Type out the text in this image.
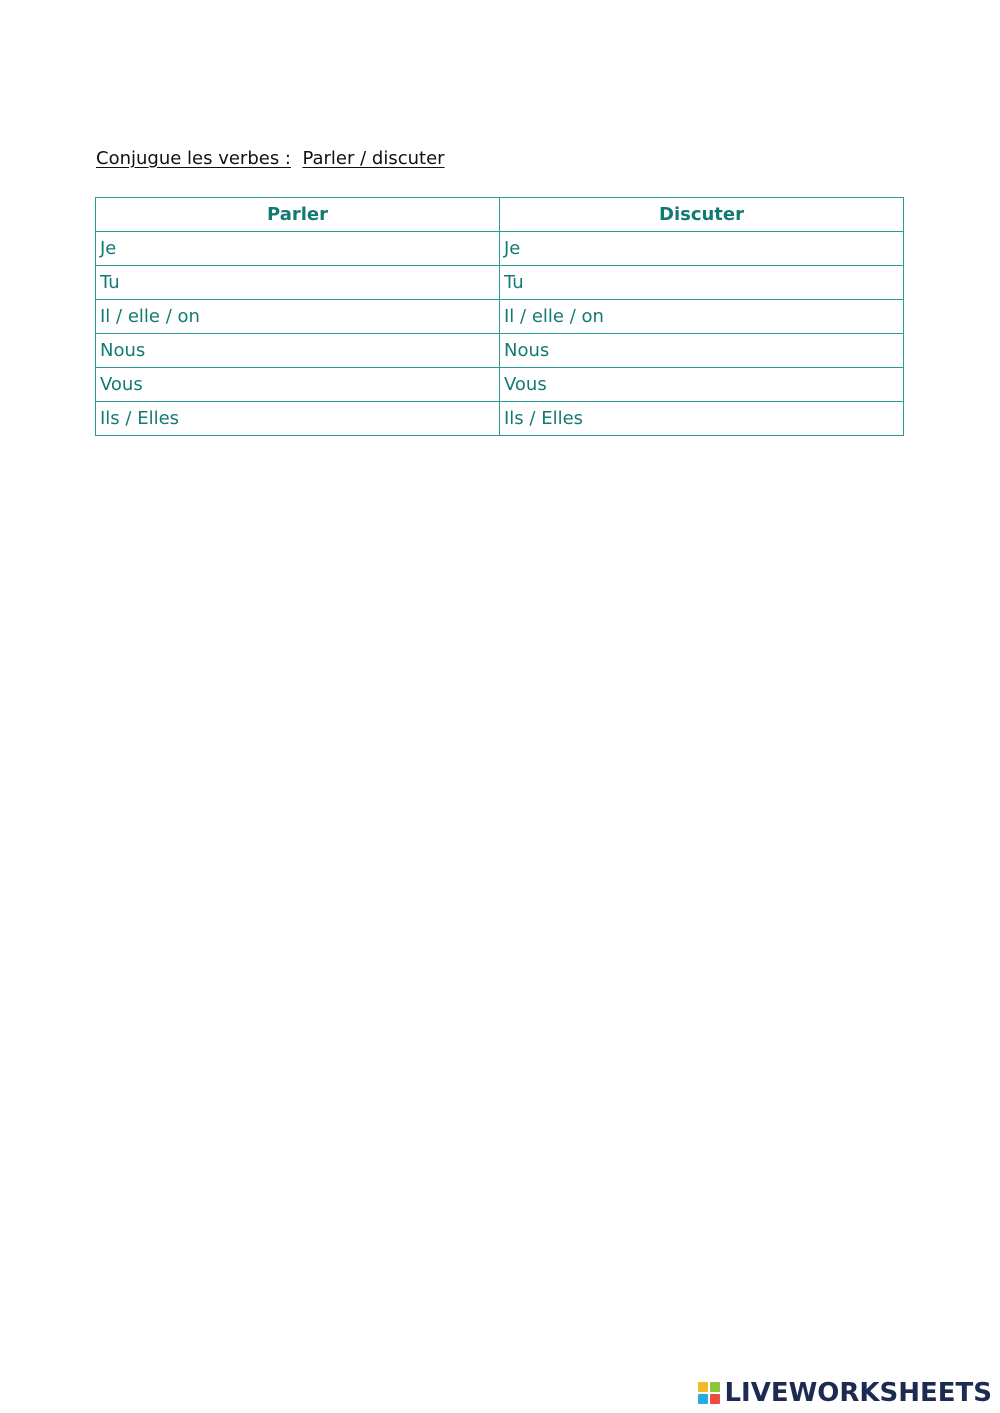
Conjugue les verbes : Parler / discuter
Parler	Discuter
Je	Je
Tu	Tu
Il / elle / on	Il / elle / on
Nous	Nous
Vous	Vous
Ils / Elles	Ils / Elles
LIVEWORKSHEETS
